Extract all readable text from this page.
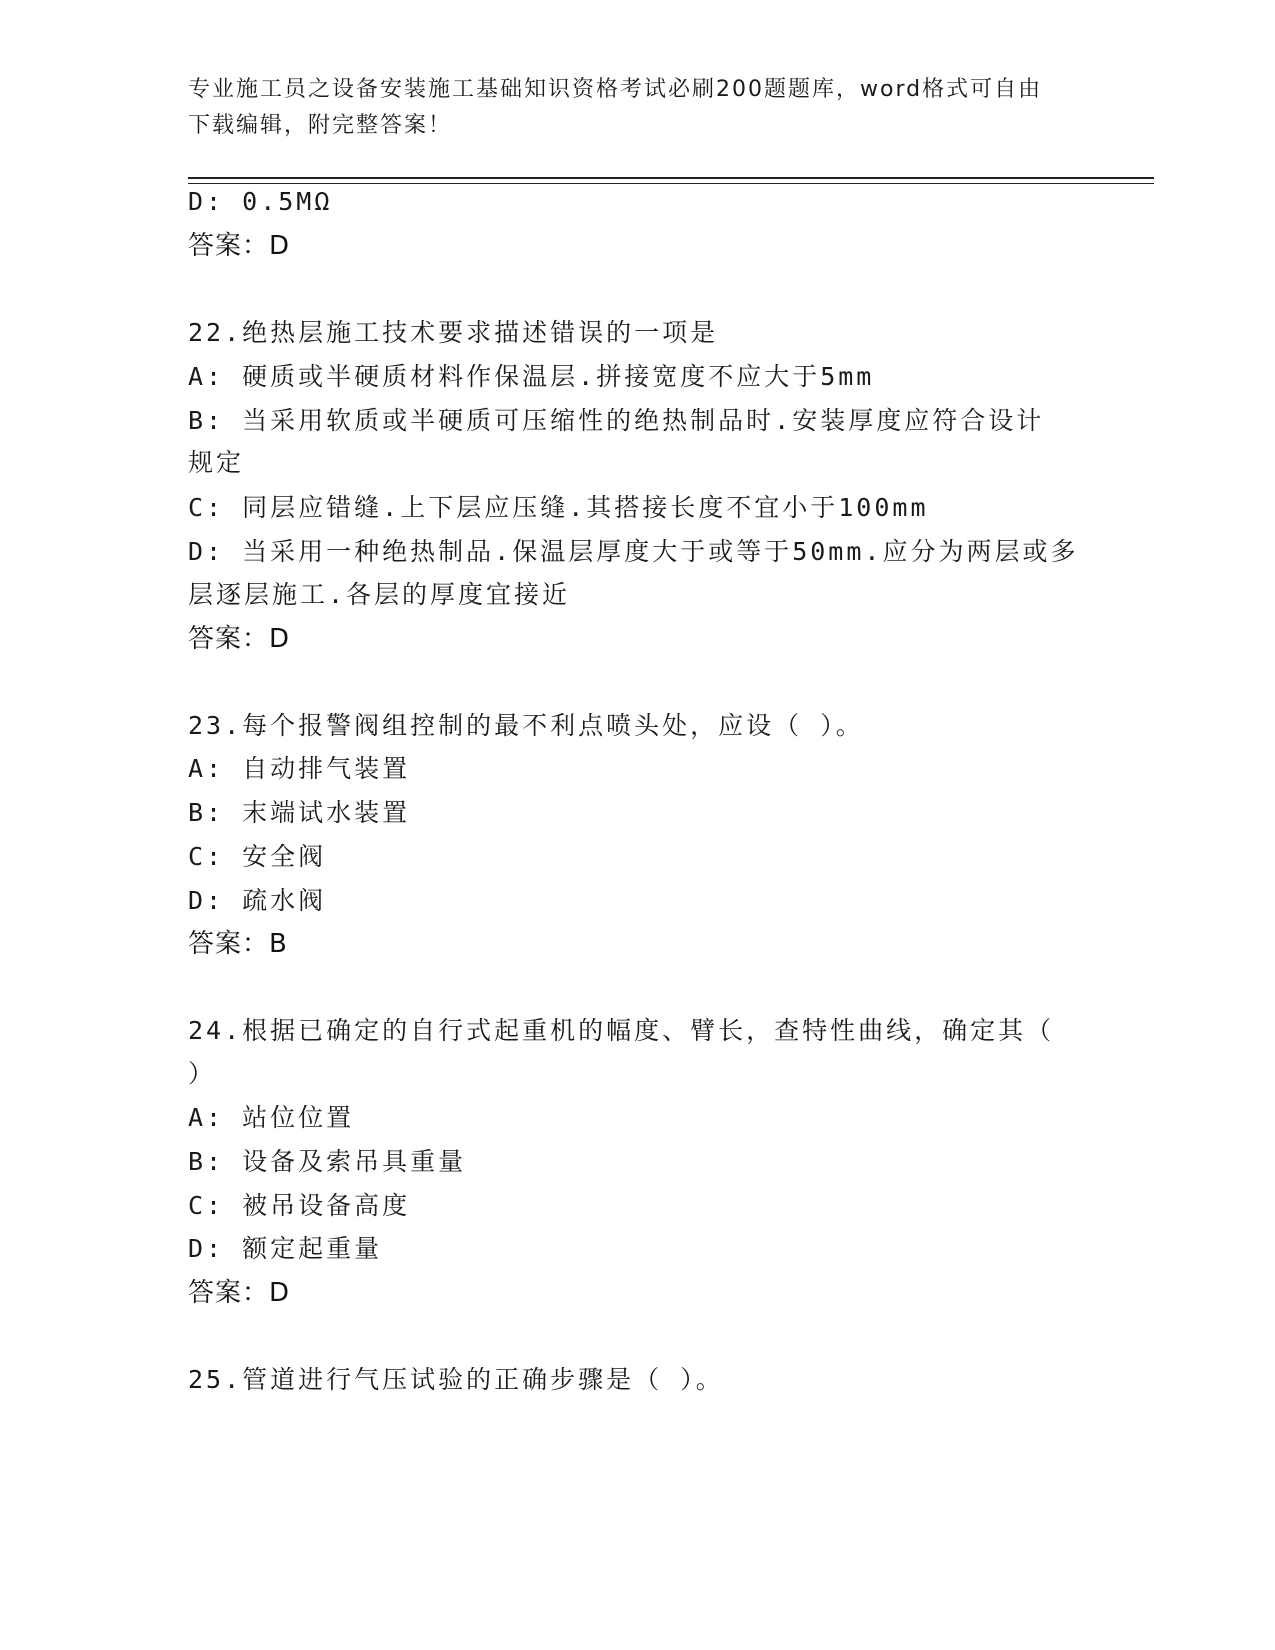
专业施工员之设备安装施工基础知识资格考试必刷200题题库，word格式可自由
下载编辑，附完整答案！
D: 0.5MΩ
答案：D
22.绝热层施工技术要求描述错误的一项是
A: 硬质或半硬质材料作保温层.拼接宽度不应大于5mm
B: 当采用软质或半硬质可压缩性的绝热制品时.安装厚度应符合设计
规定
C: 同层应错缝.上下层应压缝.其搭接长度不宜小于100mm
D: 当采用一种绝热制品.保温层厚度大于或等于50mm.应分为两层或多
层逐层施工.各层的厚度宜接近
答案：D
23.每个报警阀组控制的最不利点喷头处，应设（ ）。
A: 自动排气装置
B: 末端试水装置
C: 安全阀
D: 疏水阀
答案：B
24.根据已确定的自行式起重机的幅度、臂长，查特性曲线，确定其（
）
A: 站位位置
B: 设备及索吊具重量
C: 被吊设备高度
D: 额定起重量
答案：D
25.管道进行气压试验的正确步骤是（ ）。
